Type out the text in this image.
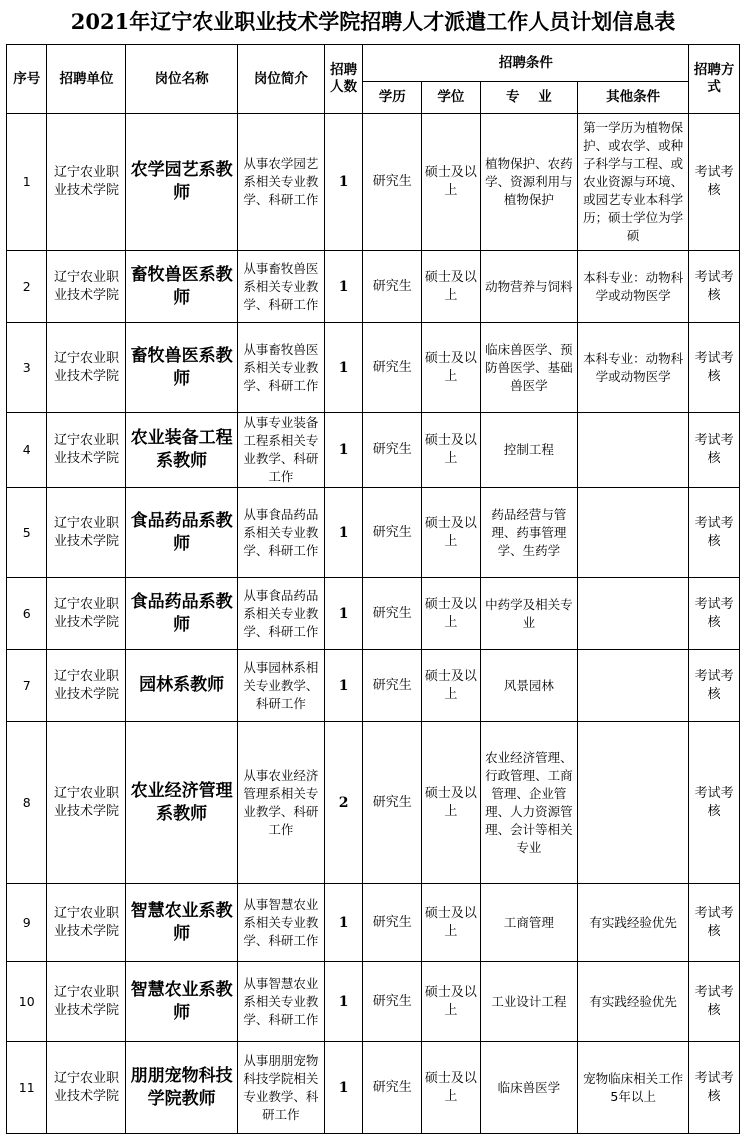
2021年辽宁农业职业技术学院招聘人才派遣工作人员计划信息表
序号	招聘单位	岗位名称	岗位简介	招聘人数	招聘条件				招聘方式
					学历	学位	专    业	其他条件	
1	辽宁农业职业技术学院	农学园艺系教师	从事农学园艺系相关专业教学、科研工作	1	研究生	硕士及以上	植物保护、农药学、资源利用与植物保护	第一学历为植物保护、或农学、或种子科学与工程、或农业资源与环境、或园艺专业本科学历；硕士学位为学硕	考试考核
2	辽宁农业职业技术学院	畜牧兽医系教师	从事畜牧兽医系相关专业教学、科研工作	1	研究生	硕士及以上	动物营养与饲料	本科专业：动物科学或动物医学	考试考核
3	辽宁农业职业技术学院	畜牧兽医系教师	从事畜牧兽医系相关专业教学、科研工作	1	研究生	硕士及以上	临床兽医学、预防兽医学、基础兽医学	本科专业：动物科学或动物医学	考试考核
4	辽宁农业职业技术学院	农业装备工程系教师	从事专业装备工程系相关专业教学、科研工作	1	研究生	硕士及以上	控制工程		考试考核
5	辽宁农业职业技术学院	食品药品系教师	从事食品药品系相关专业教学、科研工作	1	研究生	硕士及以上	药品经营与管理、药事管理学、生药学		考试考核
6	辽宁农业职业技术学院	食品药品系教师	从事食品药品系相关专业教学、科研工作	1	研究生	硕士及以上	中药学及相关专业		考试考核
7	辽宁农业职业技术学院	园林系教师	从事园林系相关专业教学、科研工作	1	研究生	硕士及以上	风景园林		考试考核
8	辽宁农业职业技术学院	农业经济管理系教师	从事农业经济管理系相关专业教学、科研工作	2	研究生	硕士及以上	农业经济管理、行政管理、工商管理、企业管理、人力资源管理、会计等相关专业		考试考核
9	辽宁农业职业技术学院	智慧农业系教师	从事智慧农业系相关专业教学、科研工作	1	研究生	硕士及以上	工商管理	有实践经验优先	考试考核
10	辽宁农业职业技术学院	智慧农业系教师	从事智慧农业系相关专业教学、科研工作	1	研究生	硕士及以上	工业设计工程	有实践经验优先	考试考核
11	辽宁农业职业技术学院	朋朋宠物科技学院教师	从事朋朋宠物科技学院相关专业教学、科研工作	1	研究生	硕士及以上	临床兽医学	宠物临床相关工作5年以上	考试考核
